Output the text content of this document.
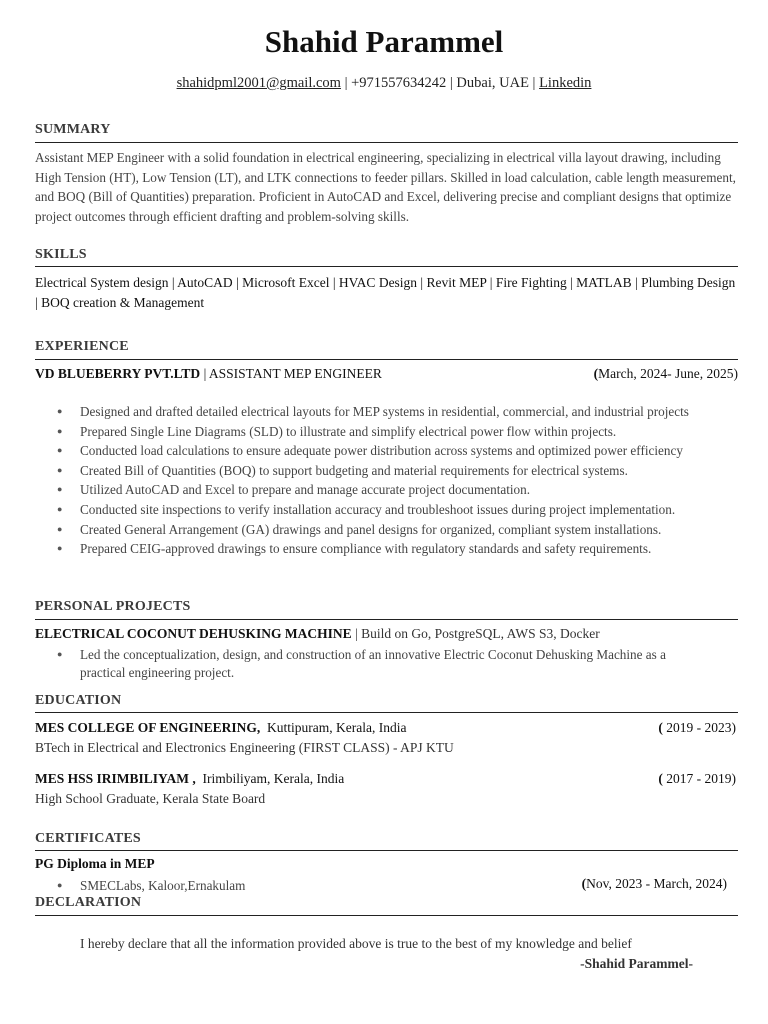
Shahid Parammel
shahidpml2001@gmail.com | +971557634242 | Dubai, UAE | Linkedin
SUMMARY
Assistant MEP Engineer with a solid foundation in electrical engineering, specializing in electrical villa layout drawing, including High Tension (HT), Low Tension (LT), and LTK connections to feeder pillars. Skilled in load calculation, cable length measurement, and BOQ (Bill of Quantities) preparation. Proficient in AutoCAD and Excel, delivering precise and compliant designs that optimize project outcomes through efficient drafting and problem-solving skills.
SKILLS
Electrical System design | AutoCAD | Microsoft Excel | HVAC Design | Revit MEP | Fire Fighting | MATLAB | Plumbing Design | BOQ creation & Management
EXPERIENCE
VD BLUEBERRY PVT.LTD | ASSISTANT MEP ENGINEER	(March, 2024- June, 2025)
● Designed and drafted detailed electrical layouts for MEP systems in residential, commercial, and industrial projects
● Prepared Single Line Diagrams (SLD) to illustrate and simplify electrical power flow within projects.
● Conducted load calculations to ensure adequate power distribution across systems and optimized power efficiency
● Created Bill of Quantities (BOQ) to support budgeting and material requirements for electrical systems.
● Utilized AutoCAD and Excel to prepare and manage accurate project documentation.
● Conducted site inspections to verify installation accuracy and troubleshoot issues during project implementation.
● Created General Arrangement (GA) drawings and panel designs for organized, compliant system installations.
● Prepared CEIG-approved drawings to ensure compliance with regulatory standards and safety requirements.
PERSONAL PROJECTS
ELECTRICAL COCONUT DEHUSKING MACHINE | Build on Go, PostgreSQL, AWS S3, Docker
● Led the conceptualization, design, and construction of an innovative Electric Coconut Dehusking Machine as a
practical engineering project.
EDUCATION
MES COLLEGE OF ENGINEERING, Kuttipuram, Kerala, India	( 2019 - 2023)
BTech in Electrical and Electronics Engineering (FIRST CLASS) - APJ KTU
MES HSS IRIMBILIYAM , Irimbiliyam, Kerala, India	( 2017 - 2019)
High School Graduate, Kerala State Board
CERTIFICATES
PG Diploma in MEP
● SMECLabs, Kaloor,Ernakulam	(Nov, 2023 - March, 2024)
DECLARATION
I hereby declare that all the information provided above is true to the best of my knowledge and belief
-Shahid Parammel-
